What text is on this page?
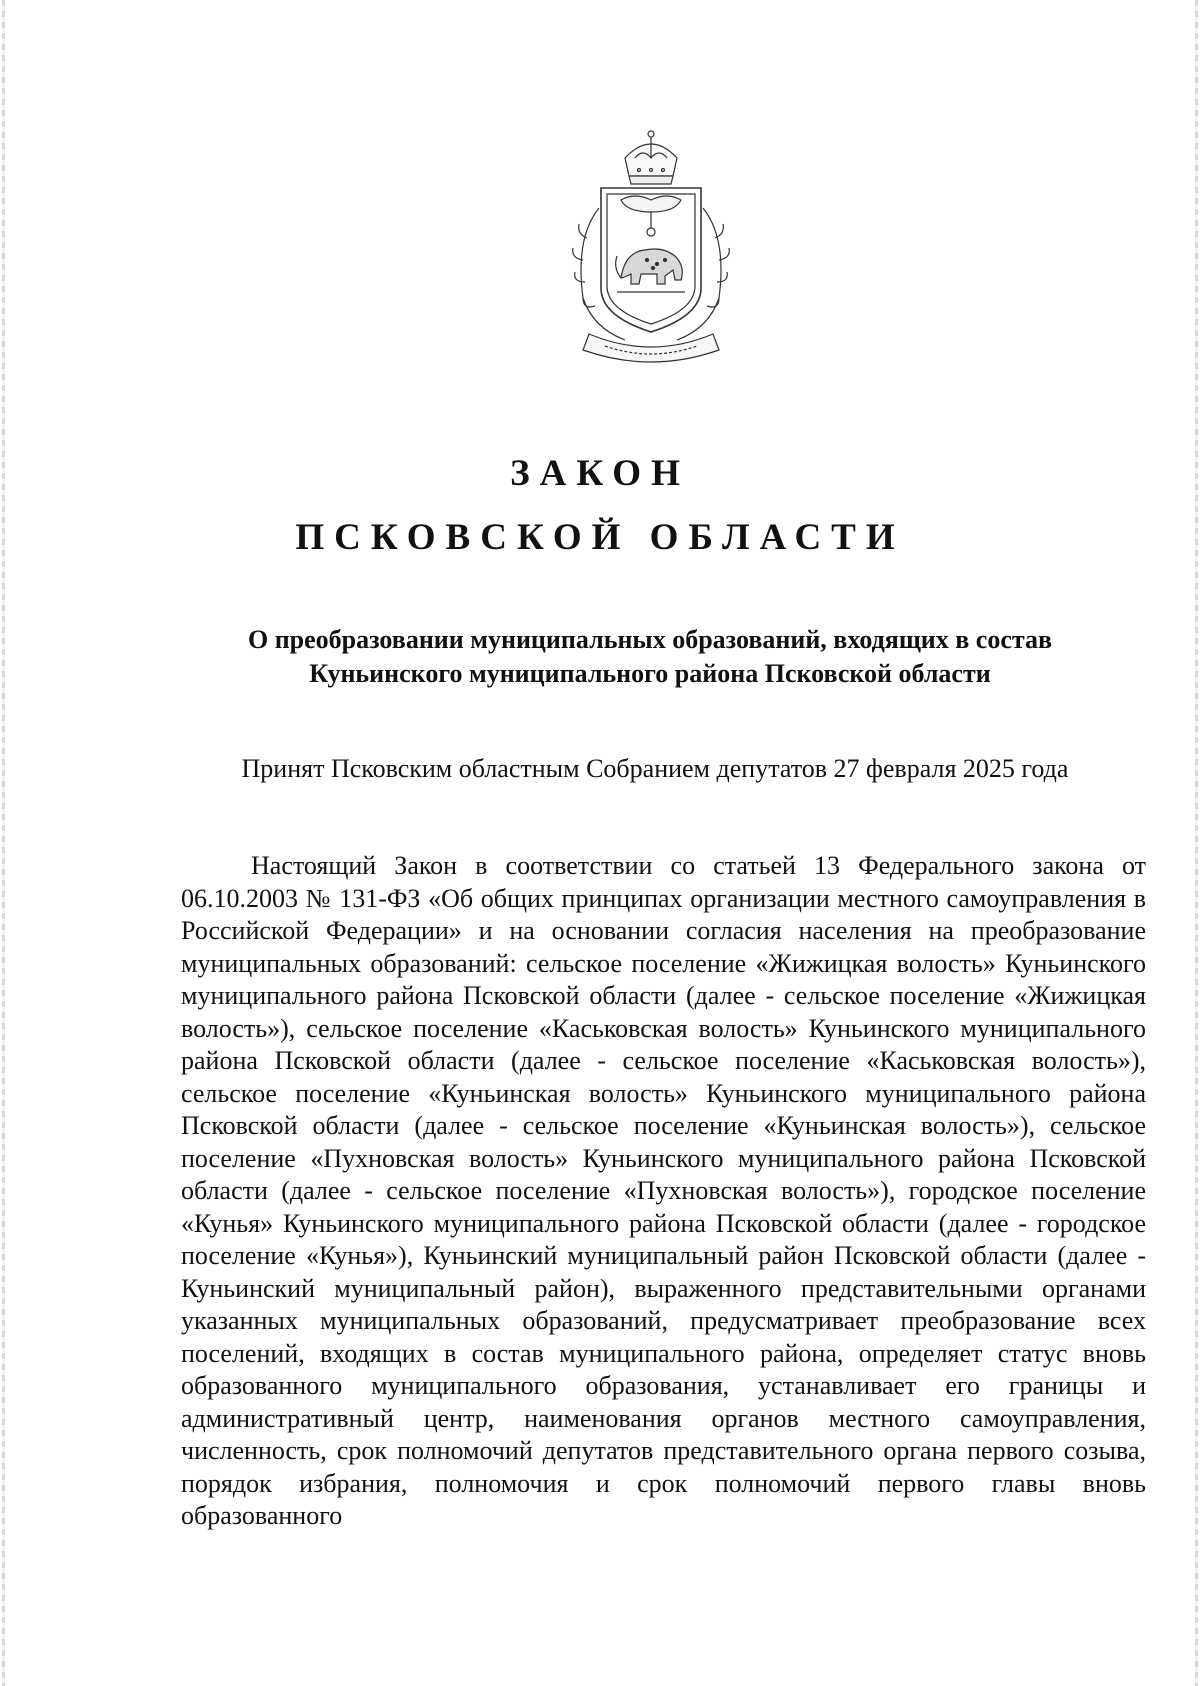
ЗАКОН
ПСКОВСКОЙ ОБЛАСТИ
О преобразовании муниципальных образований, входящих в состав
Куньинского муниципального района Псковской области
Принят Псковским областным Собранием депутатов 27 февраля 2025 года

Настоящий Закон в соответствии со статьей 13 Федерального закона от 06.10.2003 № 131-ФЗ «Об общих принципах организации местного самоуправления в Российской Федерации» и на основании согласия населения на преобразование муниципальных образований: сельское поселение «Жижицкая волость» Куньинского муниципального района Псковской области (далее - сельское поселение «Жижицкая волость»), сельское поселение «Каськовская волость» Куньинского муниципального района Псковской области (далее - сельское поселение «Каськовская волость»), сельское поселение «Куньинская волость» Куньинского муниципального района Псковской области (далее - сельское поселение «Куньинская волость»), сельское поселение «Пухновская волость» Куньинского муниципального района Псковской области (далее - сельское поселение «Пухновская волость»), городское поселение «Кунья» Куньинского муниципального района Псковской области (далее - городское поселение «Кунья»), Куньинский муниципальный район Псковской области (далее - Куньинский муниципальный район), выраженного представительными органами указанных муниципальных образований, предусматривает преобразование всех поселений, входящих в состав муниципального района, определяет статус вновь образованного муниципального образования, устанавливает его границы и административный центр, наименования органов местного самоуправления, численность, срок полномочий депутатов представительного органа первого созыва, порядок избрания, полномочия и срок полномочий первого главы вновь образованного
